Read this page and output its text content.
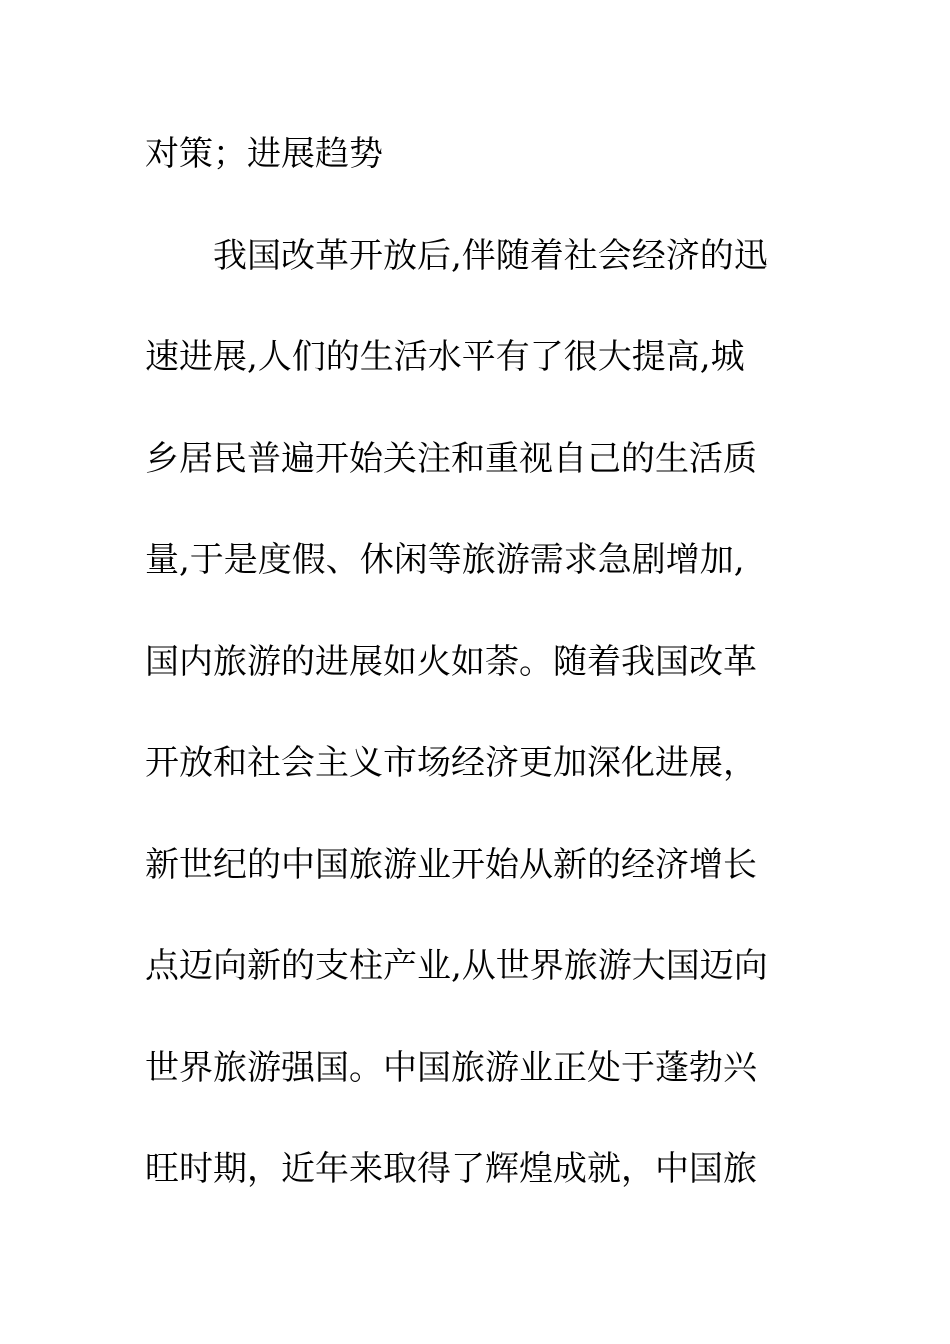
对策；进展趋势
我国改革开放后,伴随着社会经济的迅
速进展,人们的生活水平有了很大提高,城
乡居民普遍开始关注和重视自己的生活质
量,于是度假、休闲等旅游需求急剧增加,
国内旅游的进展如火如荼。随着我国改革
开放和社会主义市场经济更加深化进展，
新世纪的中国旅游业开始从新的经济增长
点迈向新的支柱产业,从世界旅游大国迈向
世界旅游强国。中国旅游业正处于蓬勃兴
旺时期，近年来取得了辉煌成就，中国旅
